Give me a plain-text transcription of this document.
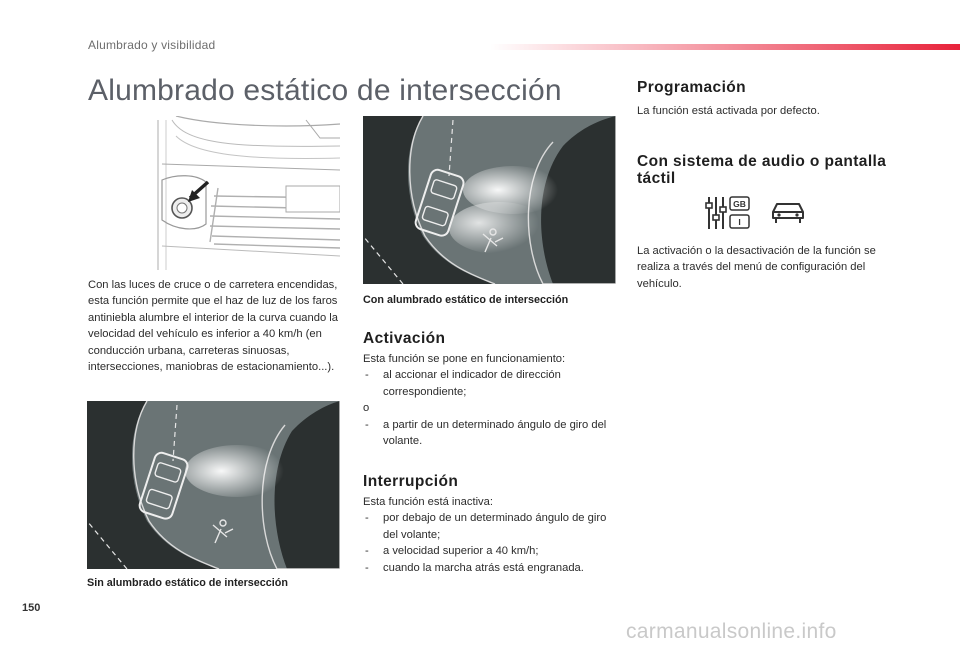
Alumbrado y visibilidad
Alumbrado estático de intersección
Con las luces de cruce o de carretera encendidas, esta función permite que el haz de luz de los faros antiniebla alumbre el interior de la curva cuando la velocidad del vehículo es inferior a 40 km/h (en conducción urbana, carreteras sinuosas, intersecciones, maniobras de estacionamiento...).
Con alumbrado estático de intersección
Sin alumbrado estático de intersección
Activación
Esta función se pone en funcionamiento:
- al accionar el indicador de dirección correspondiente;
o
- a partir de un determinado ángulo de giro del volante.
Interrupción
Esta función está inactiva:
- por debajo de un determinado ángulo de giro del volante;
- a velocidad superior a 40 km/h;
- cuando la marcha atrás está engranada.
Programación
La función está activada por defecto.
Con sistema de audio o pantalla
táctil
GB
I
La activación o la desactivación de la función se realiza a través del menú de configuración del vehículo.
150
carmanualsonline.info
